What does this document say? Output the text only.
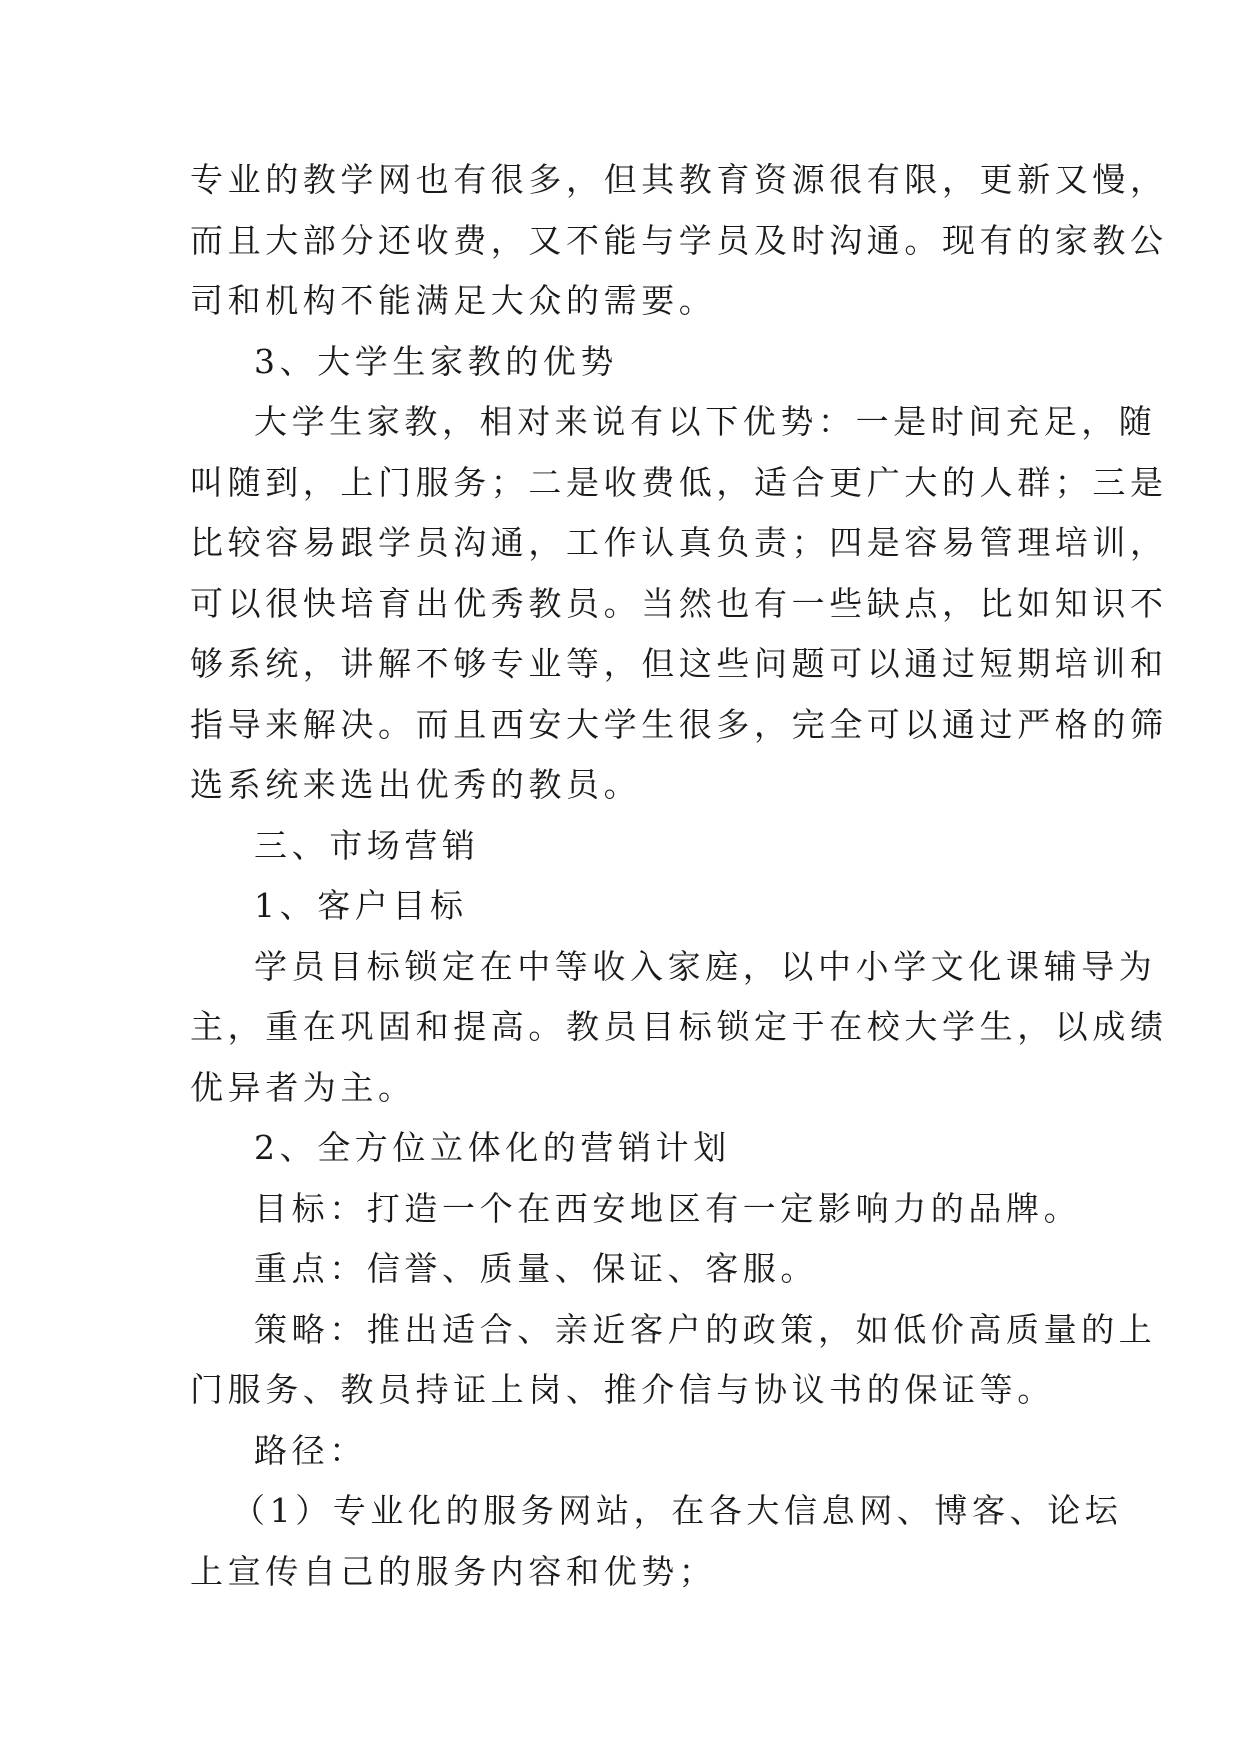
专业的教学网也有很多，但其教育资源很有限，更新又慢，
而且大部分还收费，又不能与学员及时沟通。现有的家教公
司和机构不能满足大众的需要。
3、大学生家教的优势
大学生家教，相对来说有以下优势：一是时间充足，随
叫随到，上门服务；二是收费低，适合更广大的人群；三是
比较容易跟学员沟通，工作认真负责；四是容易管理培训，
可以很快培育出优秀教员。当然也有一些缺点，比如知识不
够系统，讲解不够专业等，但这些问题可以通过短期培训和
指导来解决。而且西安大学生很多，完全可以通过严格的筛
选系统来选出优秀的教员。
三、市场营销
1、客户目标
学员目标锁定在中等收入家庭，以中小学文化课辅导为
主，重在巩固和提高。教员目标锁定于在校大学生，以成绩
优异者为主。
2、全方位立体化的营销计划
目标：打造一个在西安地区有一定影响力的品牌。
重点：信誉、质量、保证、客服。
策略：推出适合、亲近客户的政策，如低价高质量的上
门服务、教员持证上岗、推介信与协议书的保证等。
路径：
（1）专业化的服务网站，在各大信息网、博客、论坛
上宣传自己的服务内容和优势；
